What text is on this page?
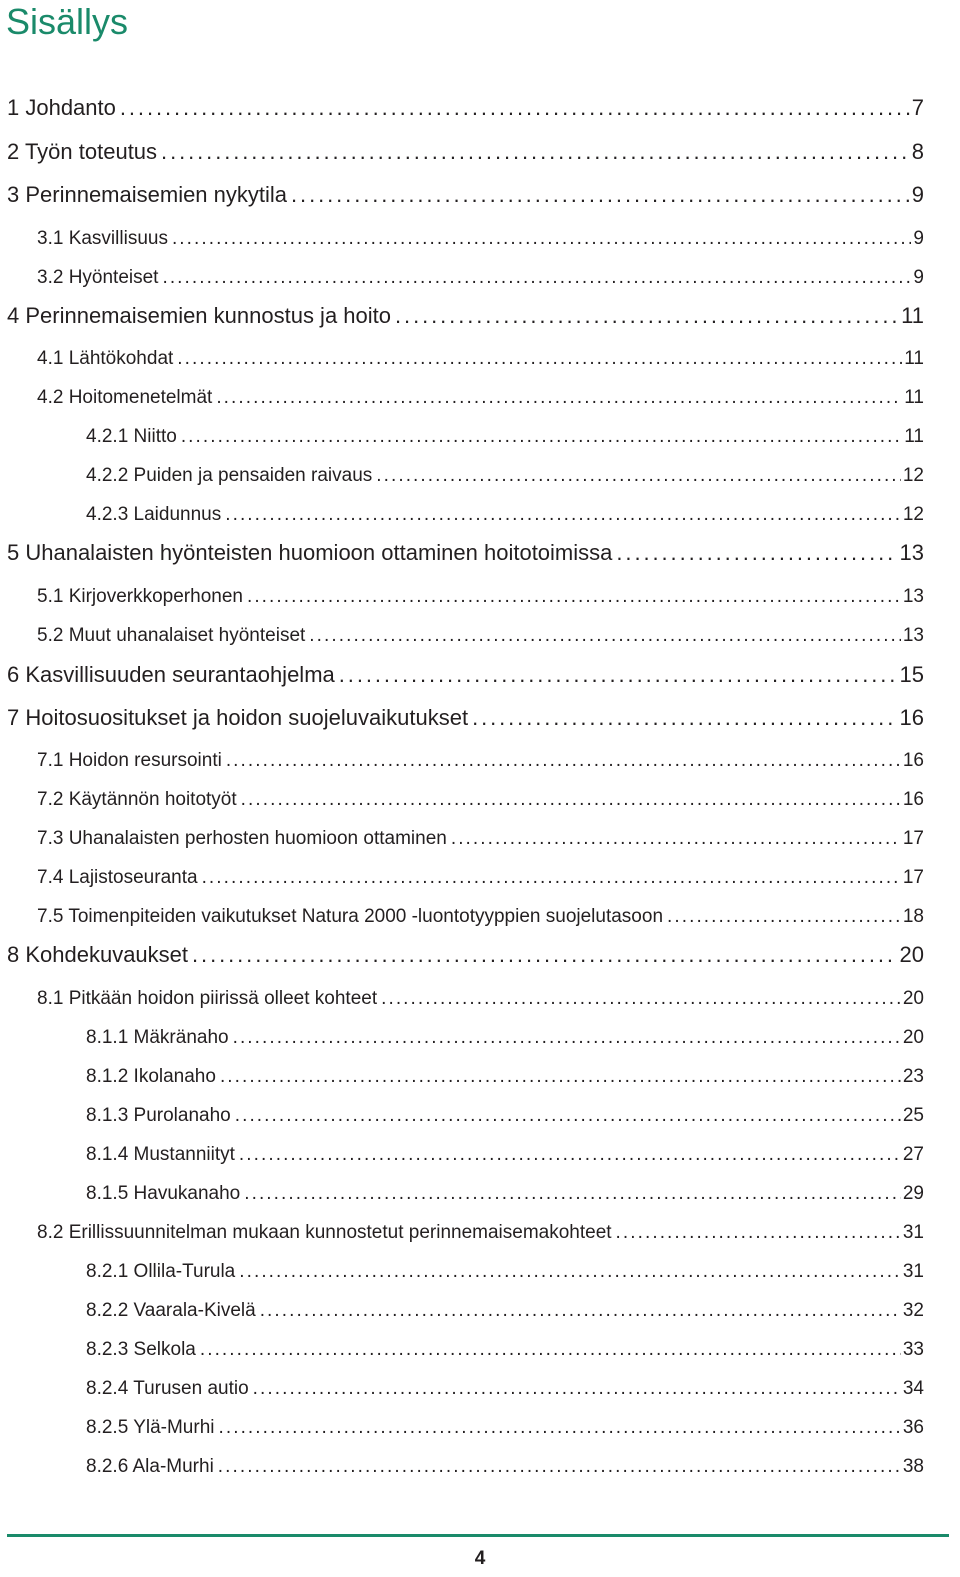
Sisällys
1 Johdanto . . .	7
2 Työn toteutus . . .	8
3 Perinnemaisemien nykytila . . .	9
3.1 Kasvillisuus . . .	9
3.2 Hyönteiset . . .	9
4 Perinnemaisemien kunnostus ja hoito . . .	11
4.1 Lähtökohdat . . .	11
4.2 Hoitomenetelmät . . .	11
4.2.1 Niitto . . .	11
4.2.2 Puiden ja pensaiden raivaus . . .	12
4.2.3 Laidunnus . . .	12
5 Uhanalaisten hyönteisten huomioon ottaminen hoitotoimissa . . .	13
5.1 Kirjoverkkoperhonen . . .	13
5.2 Muut uhanalaiset hyönteiset . . .	13
6 Kasvillisuuden seurantaohjelma . . .	15
7 Hoitosuositukset ja hoidon suojeluvaikutukset . . .	16
7.1 Hoidon resursointi . . .	16
7.2 Käytännön hoitotyöt . . .	16
7.3 Uhanalaisten perhosten huomioon ottaminen . . .	17
7.4 Lajistoseuranta . . .	17
7.5 Toimenpiteiden vaikutukset Natura 2000 -luontotyyppien suojelutasoon . . .	18
8 Kohdekuvaukset . . .	20
8.1 Pitkään hoidon piirissä olleet kohteet . . .	20
8.1.1 Mäkränaho . . .	20
8.1.2 Ikolanaho . . .	23
8.1.3 Purolanaho . . .	25
8.1.4 Mustanniityt . . .	27
8.1.5 Havukanaho . . .	29
8.2 Erillissuunnitelman mukaan kunnostetut perinnemaisemakohteet . . .	31
8.2.1 Ollila-Turula . . .	31
8.2.2 Vaarala-Kivelä . . .	32
8.2.3 Selkola . . .	33
8.2.4 Turusen autio . . .	34
8.2.5 Ylä-Murhi . . .	36
8.2.6 Ala-Murhi . . .	38
4
